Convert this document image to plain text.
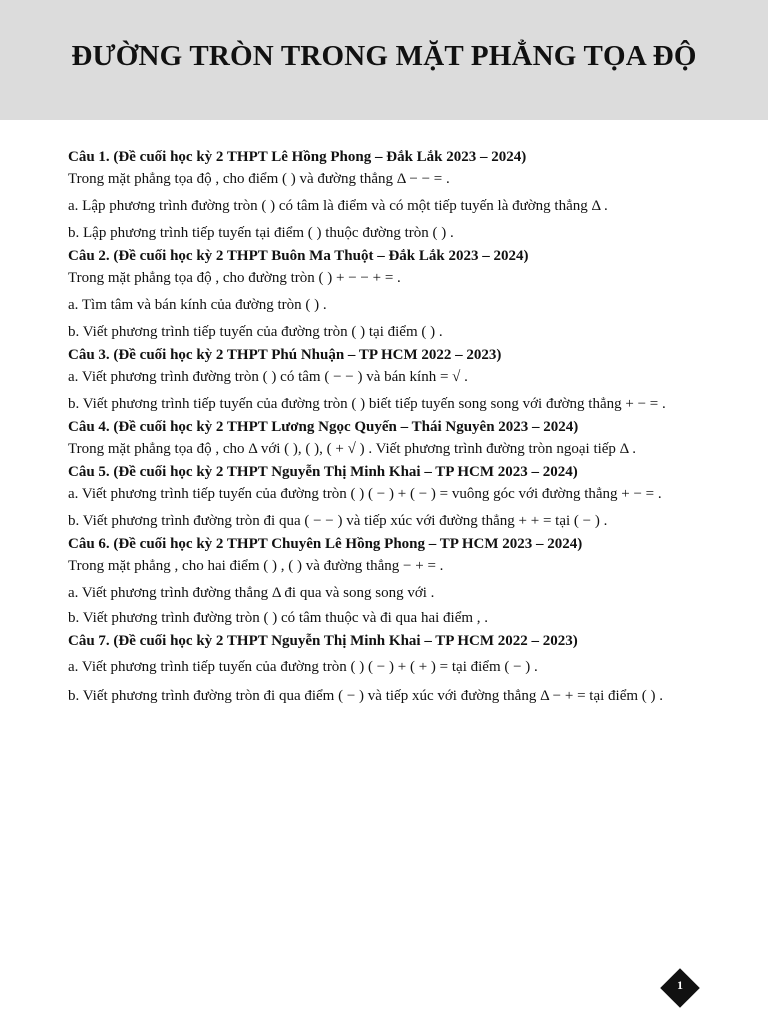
ĐƯỜNG TRÒN TRONG MẶT PHẲNG TỌA ĐỘ

Câu 1. (Đề cuối học kỳ 2 THPT Lê Hồng Phong – Đắk Lắk 2023 – 2024)

Trong mặt phẳng tọa độ , cho điểm ( ) và đường thẳng Δ − − = .

a. Lập phương trình đường tròn ( ) có tâm là điểm và có một tiếp tuyến là đường thẳng Δ .

b. Lập phương trình tiếp tuyến tại điểm ( ) thuộc đường tròn ( ) .

Câu 2. (Đề cuối học kỳ 2 THPT Buôn Ma Thuột – Đắk Lắk 2023 – 2024)

Trong mặt phẳng tọa độ , cho đường tròn ( ) + − − + = .

a. Tìm tâm và bán kính của đường tròn ( ) .

b. Viết phương trình tiếp tuyến của đường tròn ( ) tại điểm ( ) .

Câu 3. (Đề cuối học kỳ 2 THPT Phú Nhuận – TP HCM 2022 – 2023)

a. Viết phương trình đường tròn ( ) có tâm ( − − ) và bán kính = √ .

b. Viết phương trình tiếp tuyến của đường tròn ( ) biết tiếp tuyến song song với đường thẳng + − = .

Câu 4. (Đề cuối học kỳ 2 THPT Lương Ngọc Quyến – Thái Nguyên 2023 – 2024)

Trong mặt phẳng tọa độ , cho Δ với ( ), ( ), ( + √ ) . Viết phương trình đường tròn ngoại tiếp Δ .

Câu 5. (Đề cuối học kỳ 2 THPT Nguyễn Thị Minh Khai – TP HCM 2023 – 2024)

a. Viết phương trình tiếp tuyến của đường tròn ( ) ( − ) + ( − ) = vuông góc với đường thẳng + − = .

b. Viết phương trình đường tròn đi qua ( − − ) và tiếp xúc với đường thẳng + + = tại ( − ) .

Câu 6. (Đề cuối học kỳ 2 THPT Chuyên Lê Hồng Phong – TP HCM 2023 – 2024)

Trong mặt phẳng , cho hai điểm ( ) , ( ) và đường thẳng − + = .

a. Viết phương trình đường thẳng Δ đi qua và song song với .

b. Viết phương trình đường tròn ( ) có tâm thuộc và đi qua hai điểm , .

Câu 7. (Đề cuối học kỳ 2 THPT Nguyễn Thị Minh Khai – TP HCM 2022 – 2023)

a. Viết phương trình tiếp tuyến của đường tròn ( ) ( − ) + ( + ) = tại điểm ( − ) .

b. Viết phương trình đường tròn đi qua điểm ( − ) và tiếp xúc với đường thẳng Δ − + = tại điểm ( ) .

1
